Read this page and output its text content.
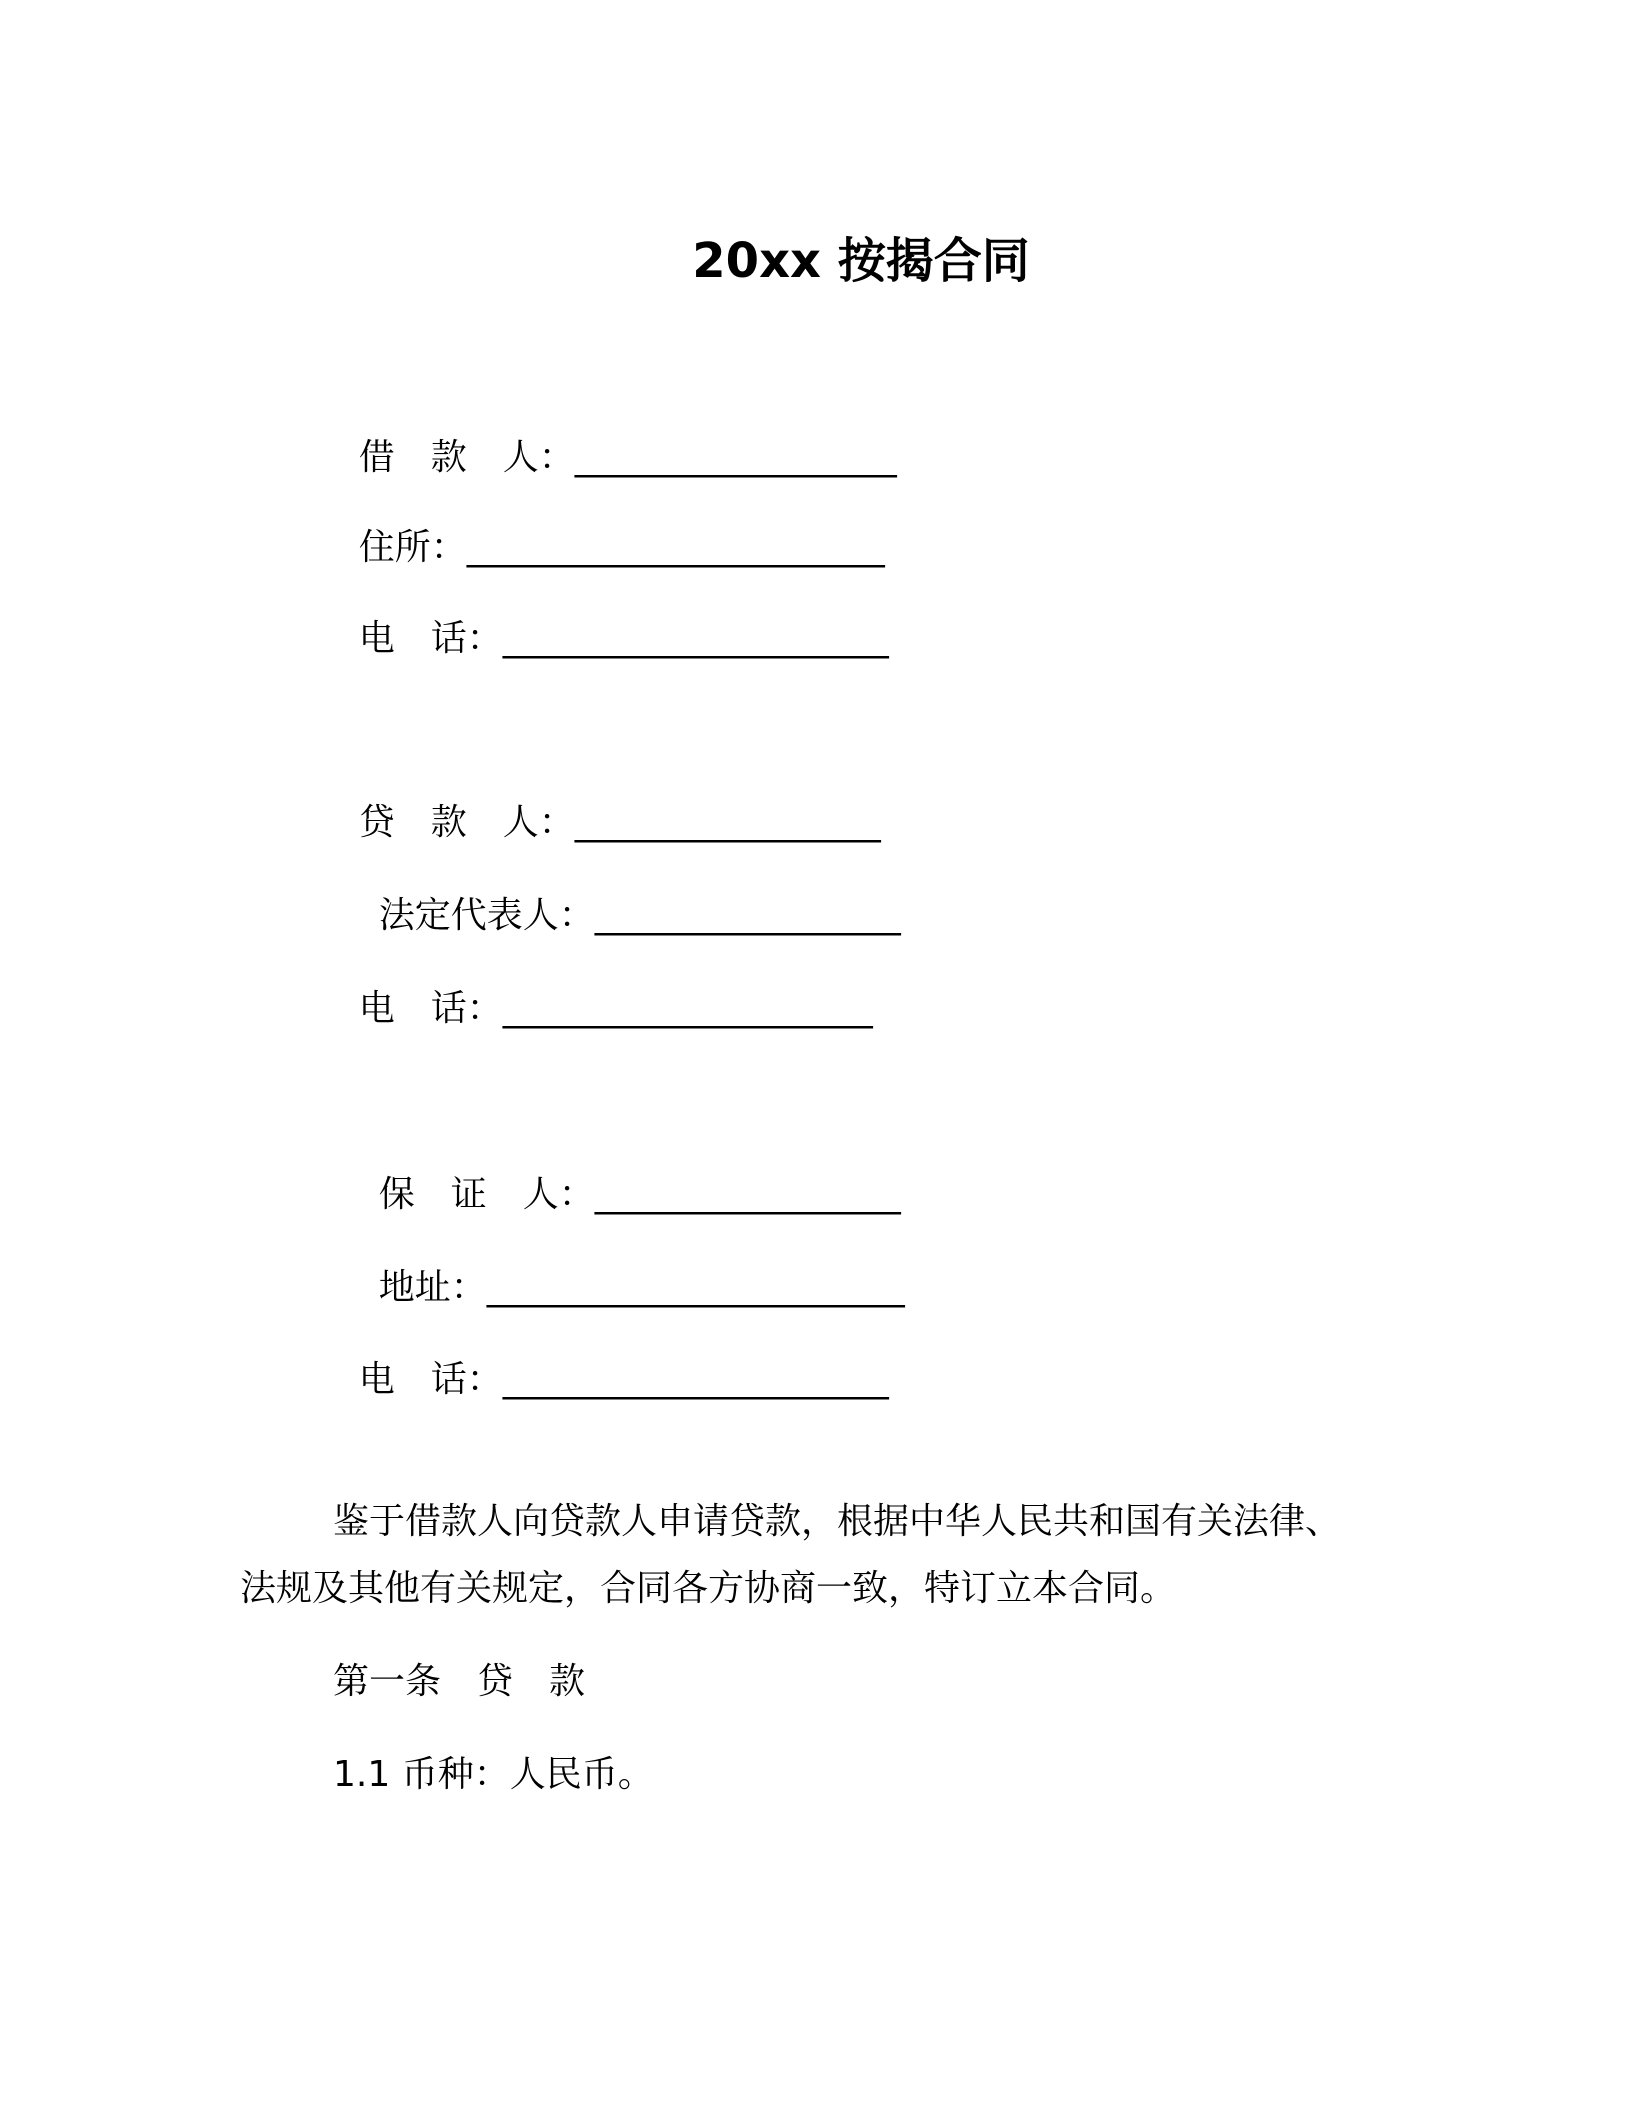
20xx 按揭合同

借　款　人：____________________

住所：__________________________

电　话：________________________

贷　款　人：___________________

法定代表人：___________________

电　话：_______________________

保　证　人：___________________

地址：__________________________

电　话：________________________

鉴于借款人向贷款人申请贷款，根据中华人民共和国有关法律、
法规及其他有关规定，合同各方协商一致，特订立本合同。
第一条　贷　款
1.1 币种：人民币。
